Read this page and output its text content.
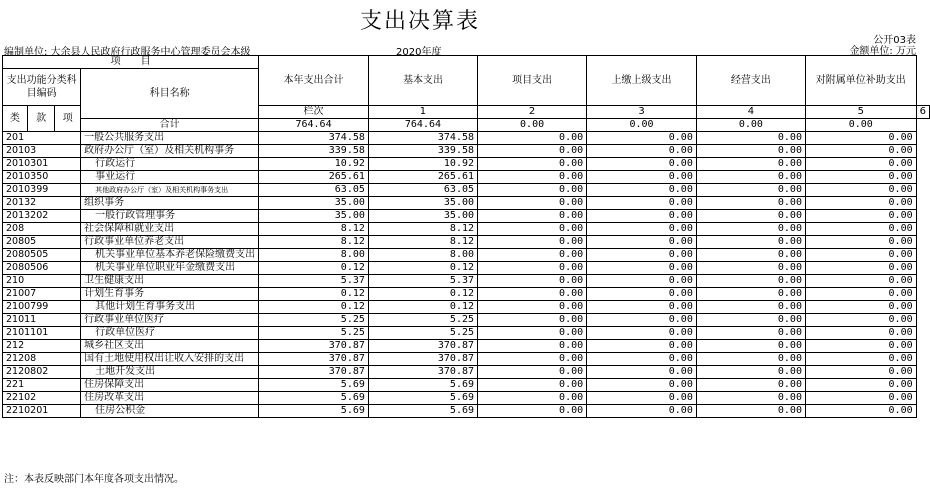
支出决算表
公开03表
编制单位: 大余县人民政府行政服务中心管理委员会本级	2020年度	金额单位: 万元
项　　目				本年支出合计	基本支出	项目支出	上缴上级支出	经营支出	对附属单位补助支出	
支出功能分类科目编码			科目名称							

类	款	项		栏次	1	2	3	4	5	6
			合计	764.64	764.64	0.00	0.00	0.00	0.00	
201			一般公共服务支出	374.58	374.58	0.00	0.00	0.00	0.00	
20103			政府办公厅（室）及相关机构事务	339.58	339.58	0.00	0.00	0.00	0.00	
2010301			行政运行	10.92	10.92	0.00	0.00	0.00	0.00	
2010350			事业运行	265.61	265.61	0.00	0.00	0.00	0.00	
2010399			其他政府办公厅（室）及相关机构事务支出	63.05	63.05	0.00	0.00	0.00	0.00	
20132			组织事务	35.00	35.00	0.00	0.00	0.00	0.00	
2013202			一般行政管理事务	35.00	35.00	0.00	0.00	0.00	0.00	
208			社会保障和就业支出	8.12	8.12	0.00	0.00	0.00	0.00	
20805			行政事业单位养老支出	8.12	8.12	0.00	0.00	0.00	0.00	
2080505			机关事业单位基本养老保险缴费支出	8.00	8.00	0.00	0.00	0.00	0.00	
2080506			机关事业单位职业年金缴费支出	0.12	0.12	0.00	0.00	0.00	0.00	
210			卫生健康支出	5.37	5.37	0.00	0.00	0.00	0.00	
21007			计划生育事务	0.12	0.12	0.00	0.00	0.00	0.00	
2100799			其他计划生育事务支出	0.12	0.12	0.00	0.00	0.00	0.00	
21011			行政事业单位医疗	5.25	5.25	0.00	0.00	0.00	0.00	
2101101			行政单位医疗	5.25	5.25	0.00	0.00	0.00	0.00	
212			城乡社区支出	370.87	370.87	0.00	0.00	0.00	0.00	
21208			国有土地使用权出让收入安排的支出	370.87	370.87	0.00	0.00	0.00	0.00	
2120802			土地开发支出	370.87	370.87	0.00	0.00	0.00	0.00	
221			住房保障支出	5.69	5.69	0.00	0.00	0.00	0.00	
22102			住房改革支出	5.69	5.69	0.00	0.00	0.00	0.00	
2210201			住房公积金	5.69	5.69	0.00	0.00	0.00	0.00	
注：本表反映部门本年度各项支出情况。
